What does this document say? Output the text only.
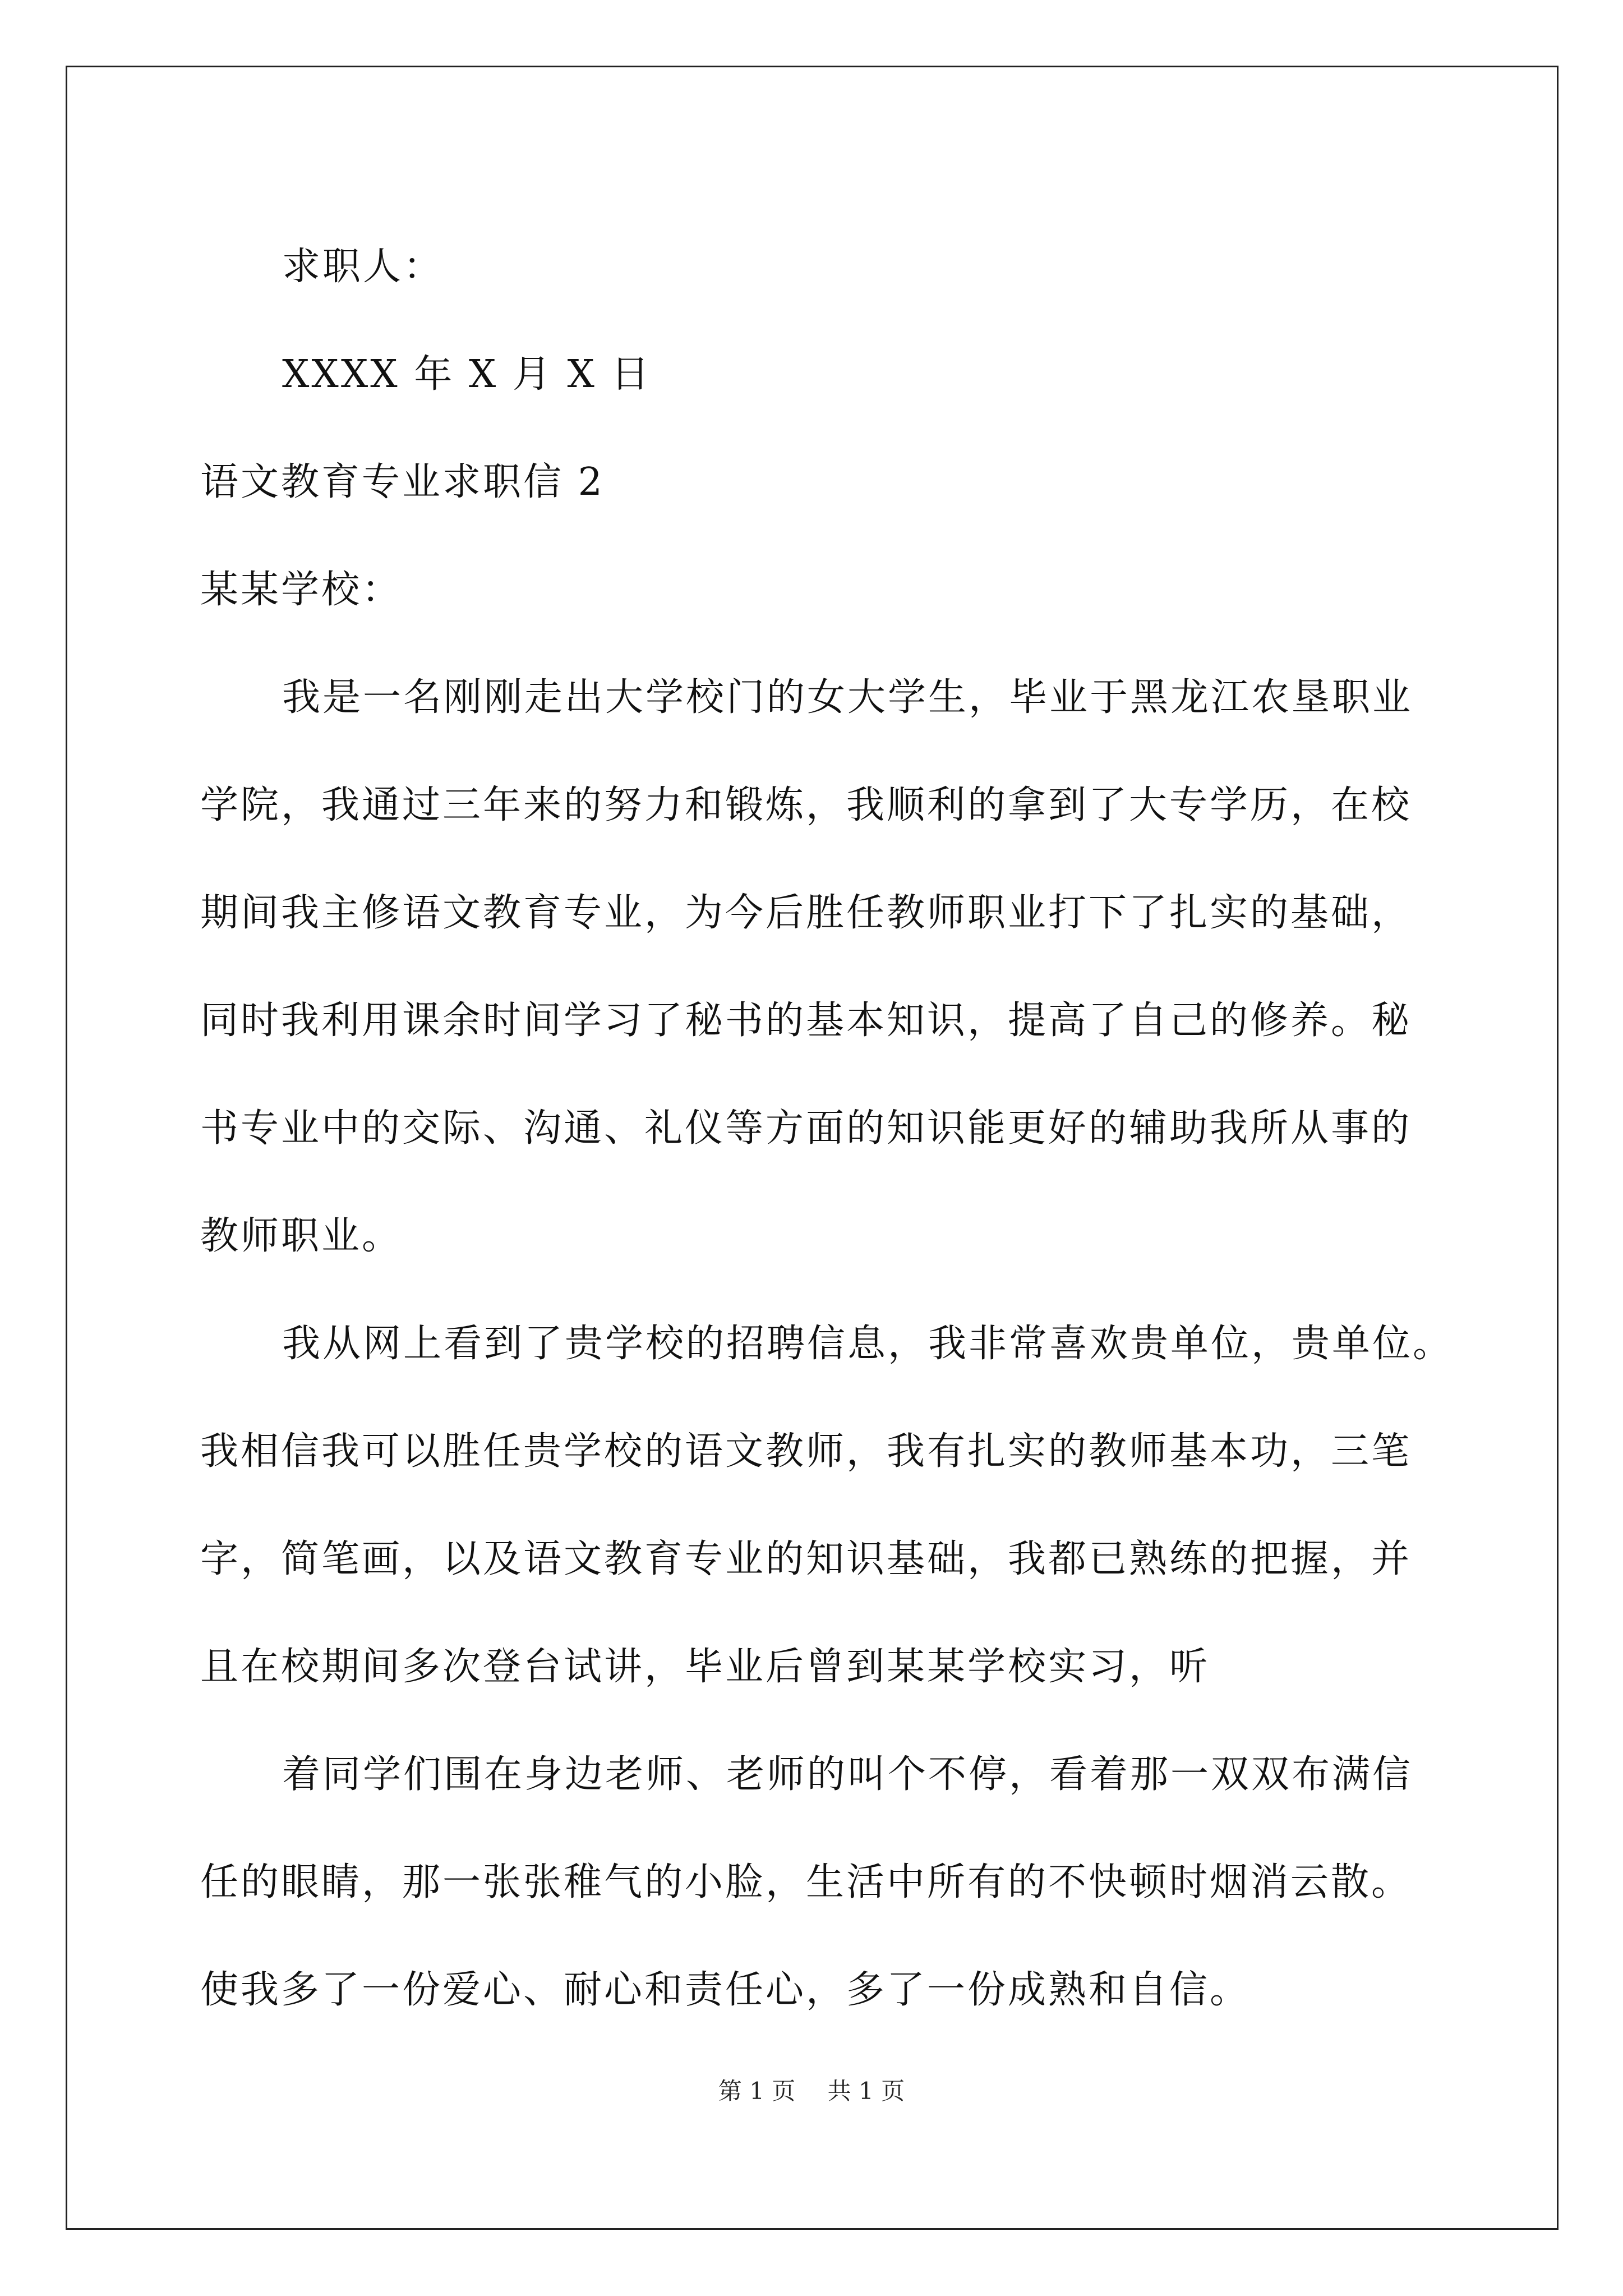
求职人：

XXXX 年 X 月 X 日

语文教育专业求职信 2

某某学校：

我是一名刚刚走出大学校门的女大学生，毕业于黑龙江农垦职业

学院，我通过三年来的努力和锻炼，我顺利的拿到了大专学历，在校

期间我主修语文教育专业，为今后胜任教师职业打下了扎实的基础，

同时我利用课余时间学习了秘书的基本知识，提高了自己的修养。秘

书专业中的交际、沟通、礼仪等方面的知识能更好的辅助我所从事的

教师职业。

我从网上看到了贵学校的招聘信息，我非常喜欢贵单位，贵单位。

我相信我可以胜任贵学校的语文教师，我有扎实的教师基本功，三笔

字，简笔画，以及语文教育专业的知识基础，我都已熟练的把握，并

且在校期间多次登台试讲，毕业后曾到某某学校实习，听

着同学们围在身边老师、老师的叫个不停，看着那一双双布满信

任的眼睛，那一张张稚气的小脸，生活中所有的不快顿时烟消云散。

使我多了一份爱心、耐心和责任心，多了一份成熟和自信。

第 1 页 共 1 页
